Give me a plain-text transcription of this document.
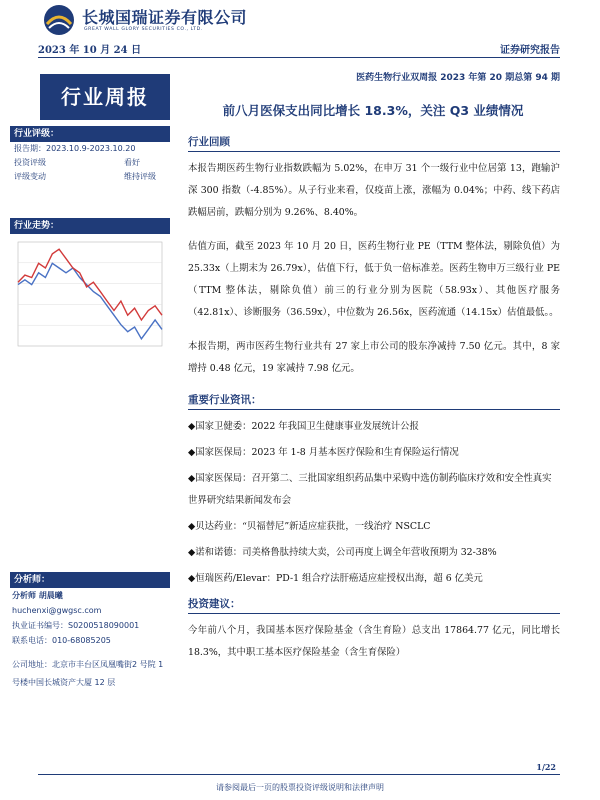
长城国瑞证券有限公司
GREAT WALL GLORY SECURITIES CO., LTD.
2023 年 10 月 24 日	证券研究报告
医药生物行业双周报 2023 年第 20 期总第 94 期
行业周报
前八月医保支出同比增长 18.3%，关注 Q3 业绩情况
行业评级：
报告期：2023.10.9-2023.10.20
投资评级	看好
评级变动	维持评级
行业走势：
分析师：
分析师 胡晨曦
huchenxi@gwgsc.com
执业证书编号：S0200518090001
联系电话：010-68085205
公司地址：北京市丰台区凤凰嘴街2 号院 1 号楼中国长城资产大厦 12 层
行业回顾

本报告期医药生物行业指数跌幅为 5.02%，在申万 31 个一级行业中位居第 13，跑输沪深 300 指数（-4.85%）。从子行业来看，仅疫苗上涨，涨幅为 0.04%；中药、线下药店跌幅居前，跌幅分别为 9.26%、8.40%。

估值方面，截至 2023 年 10 月 20 日，医药生物行业 PE（TTM 整体法，剔除负值）为 25.33x（上期末为 26.79x），估值下行，低于负一倍标准差。医药生物申万三级行业 PE（TTM 整体法，剔除负值）前三的行业分别为医院（58.93x）、其他医疗服务（42.81x）、诊断服务（36.59x），中位数为 26.56x，医药流通（14.15x）估值最低。。

本报告期，两市医药生物行业共有 27 家上市公司的股东净减持 7.50 亿元。其中，8 家增持 0.48 亿元，19 家减持 7.98 亿元。

重要行业资讯：

◆国家卫健委：2022 年我国卫生健康事业发展统计公报

◆国家医保局：2023 年 1-8 月基本医疗保险和生育保险运行情况

◆国家医保局：召开第二、三批国家组织药品集中采购中选仿制药临床疗效和安全性真实世界研究结果新闻发布会

◆贝达药业：“贝福替尼”新适应症获批，一线治疗 NSCLC

◆诺和诺德：司美格鲁肽持续大卖，公司再度上调全年营收预期为 32-38%

◆恒瑞医药/Elevar：PD-1 组合疗法肝癌适应症授权出海，超 6 亿美元

投资建议：

今年前八个月，我国基本医疗保险基金（含生育险）总支出 17864.77 亿元，同比增长 18.3%，其中职工基本医疗保险基金（含生育保险）

1/22
请参阅最后一页的股票投资评级说明和法律声明
